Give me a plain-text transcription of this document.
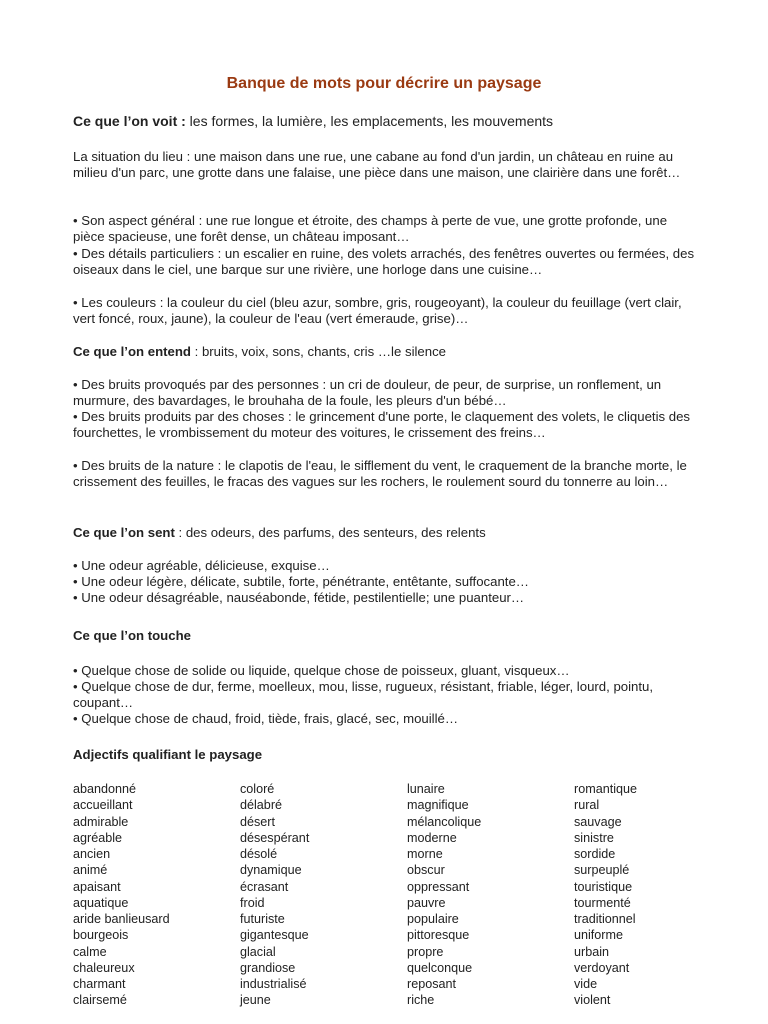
Banque de mots pour décrire un paysage
Ce que l’on voit : les formes, la lumière, les emplacements, les mouvements
La situation du lieu : une maison dans une rue, une cabane au fond d'un jardin, un château en ruine au milieu d'un parc, une grotte dans une falaise, une pièce dans une maison, une clairière dans une forêt…
• Son aspect général : une rue longue et étroite, des champs à perte de vue, une grotte profonde, une pièce spacieuse, une forêt dense, un château imposant…
• Des détails particuliers : un escalier en ruine, des volets arrachés, des fenêtres ouvertes ou fermées, des oiseaux dans le ciel, une barque sur une rivière, une horloge dans une cuisine…
• Les couleurs : la couleur du ciel (bleu azur, sombre, gris, rougeoyant), la couleur du feuillage (vert clair, vert foncé, roux, jaune), la couleur de l'eau (vert émeraude, grise)…
Ce que l’on entend : bruits, voix, sons, chants, cris …le silence
• Des bruits provoqués par des personnes : un cri de douleur, de peur, de surprise, un ronflement, un murmure, des bavardages, le brouhaha de la foule, les pleurs d'un bébé…
• Des bruits produits par des choses : le grincement d'une porte, le claquement des volets, le cliquetis des fourchettes, le vrombissement du moteur des voitures, le crissement des freins…
• Des bruits de la nature : le clapotis de l'eau, le sifflement du vent, le craquement de la branche morte, le crissement des feuilles, le fracas des vagues sur les rochers, le roulement sourd du tonnerre au loin…
Ce que l’on sent : des odeurs, des parfums, des senteurs, des relents
• Une odeur agréable, délicieuse, exquise…
• Une odeur légère, délicate, subtile, forte, pénétrante, entêtante, suffocante…
• Une odeur désagréable, nauséabonde, fétide, pestilentielle; une puanteur…
Ce que l’on touche
• Quelque chose de solide ou liquide, quelque chose de poisseux, gluant, visqueux…
• Quelque chose de dur, ferme, moelleux, mou, lisse, rugueux, résistant, friable, léger, lourd, pointu, coupant…
• Quelque chose de chaud, froid, tiède, frais, glacé, sec, mouillé…
Adjectifs qualifiant le paysage
abandonné
accueillant
admirable
agréable
ancien
animé
apaisant
aquatique
aride banlieusard
bourgeois
calme
chaleureux
charmant
clairsemé
coloré
délabré
désert
désespérant
désolé
dynamique
écrasant
froid
futuriste
gigantesque
glacial
grandiose
industrialisé
jeune
lunaire
magnifique
mélancolique
moderne
morne
obscur
oppressant
pauvre
populaire
pittoresque
propre
quelconque
reposant
riche
romantique
rural
sauvage
sinistre
sordide
surpeuplé
touristique
tourmenté
traditionnel
uniforme
urbain
verdoyant
vide
violent
